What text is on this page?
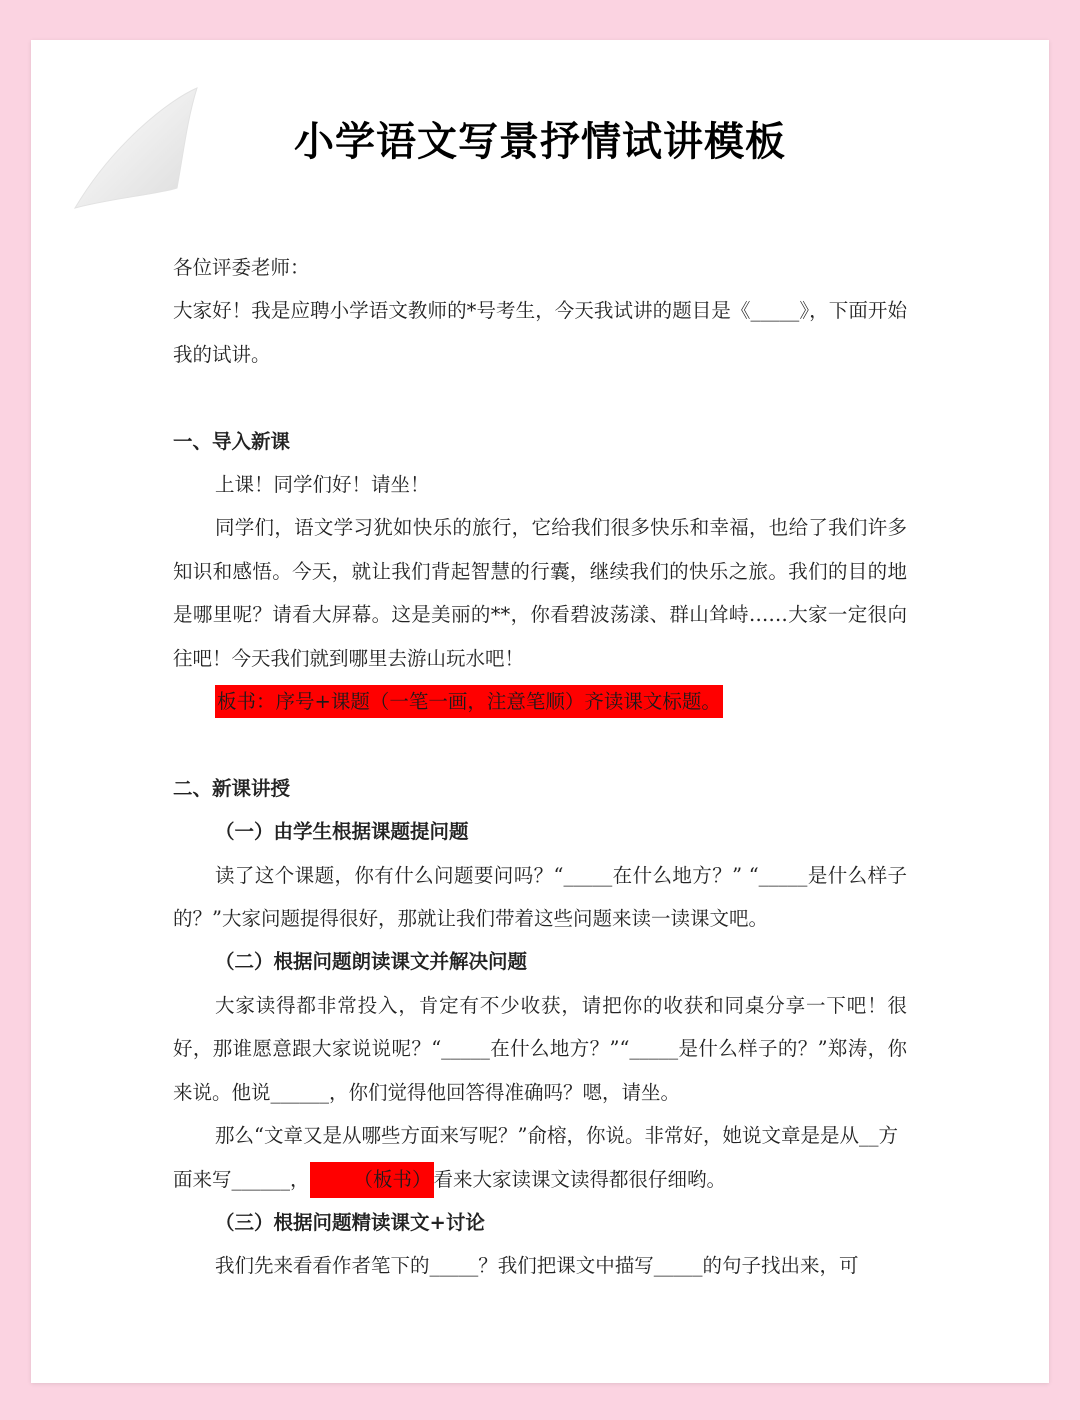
小学语文写景抒情试讲模板

各位评委老师：

大家好！我是应聘小学语文教师的*号考生，今天我试讲的题目是《_____》，下面开始我的试讲。

一、导入新课

上课！同学们好！请坐！

同学们，语文学习犹如快乐的旅行，它给我们很多快乐和幸福，也给了我们许多知识和感悟。今天，就让我们背起智慧的行囊，继续我们的快乐之旅。我们的目的地是哪里呢？请看大屏幕。这是美丽的**，你看碧波荡漾、群山耸峙……大家一定很向往吧！今天我们就到哪里去游山玩水吧！

板书：序号+课题（一笔一画，注意笔顺）齐读课文标题。

二、新课讲授

（一）由学生根据课题提问题

读了这个课题，你有什么问题要问吗？“_____在什么地方？” “_____是什么样子的？”大家问题提得很好，那就让我们带着这些问题来读一读课文吧。

（二）根据问题朗读课文并解决问题

大家读得都非常投入，肯定有不少收获，请把你的收获和同桌分享一下吧！很好，那谁愿意跟大家说说呢？“_____在什么地方？”“_____是什么样子的？”郑涛，你来说。他说______，你们觉得他回答得准确吗？嗯，请坐。

那么“文章又是从哪些方面来写呢？”俞榕，你说。非常好，她说文章是是从__方面来写______， （板书） 看来大家读课文读得都很仔细哟。

（三）根据问题精读课文+讨论

我们先来看看作者笔下的_____？我们把课文中描写_____的句子找出来，可
